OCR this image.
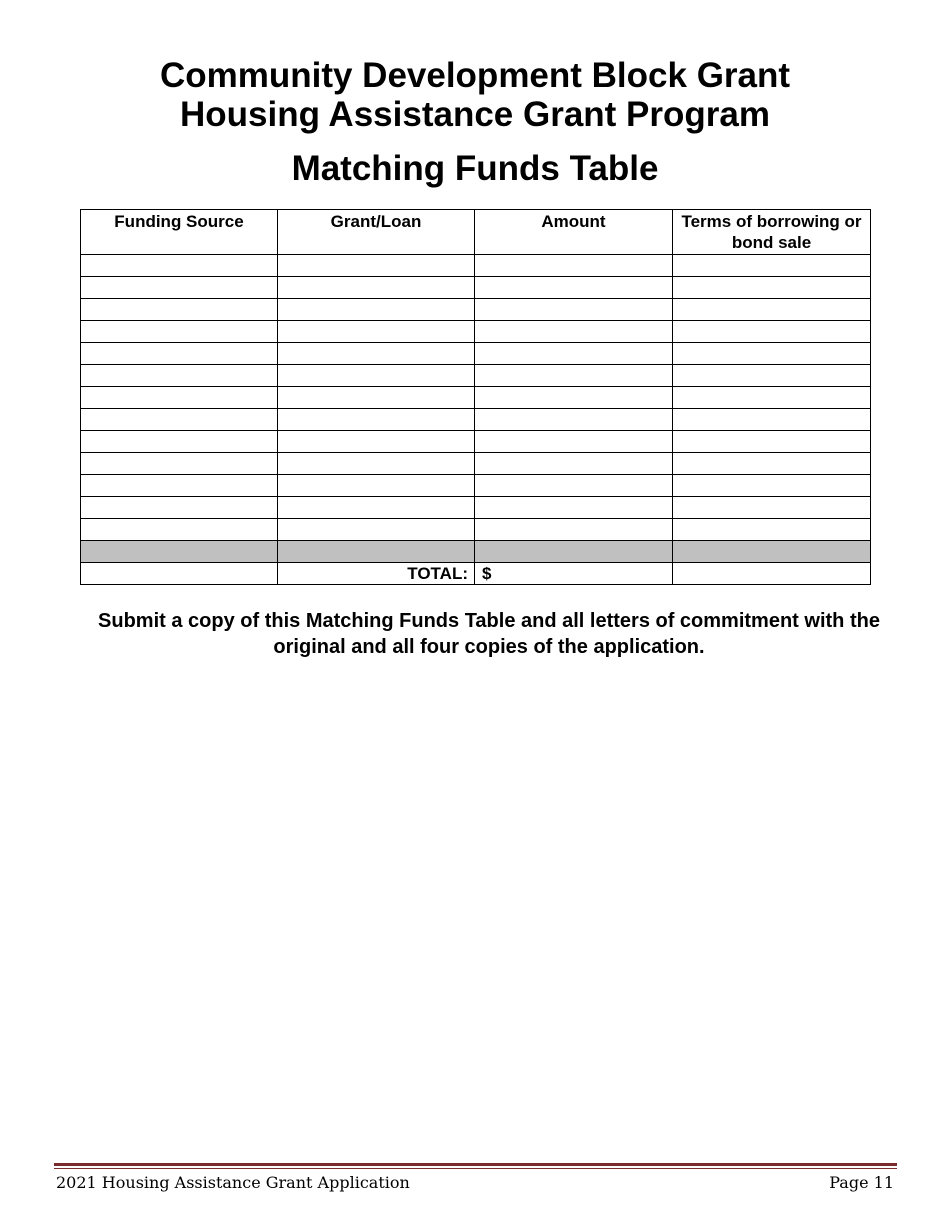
Community Development Block Grant
Housing Assistance Grant Program
Matching Funds Table
Funding Source	Grant/Loan	Amount	Terms of borrowing or bond sale

	TOTAL:	$	
Submit a copy of this Matching Funds Table and all letters of commitment with the original and all four copies of the application.
2021 Housing Assistance Grant Application	Page 11
